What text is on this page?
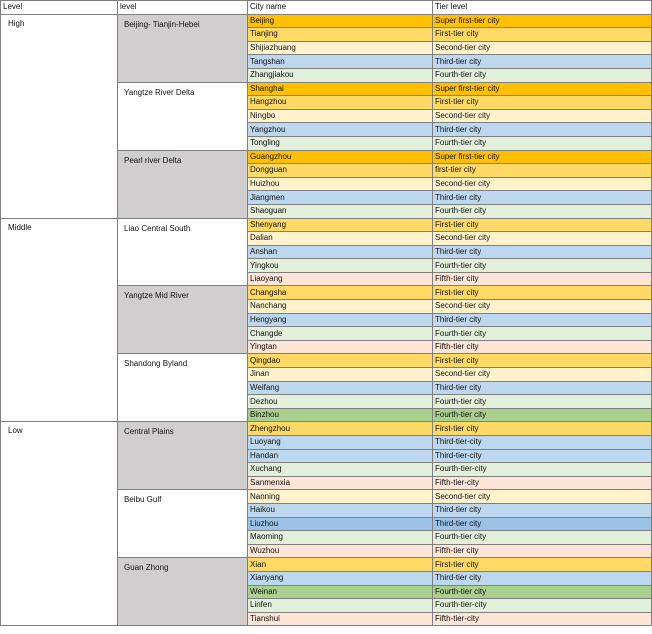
Level	level	City name	Tier level
High	Beijing- Tianjin-Hebei	Beijing	Super first-tier city
		Tianjing	First-tier city
		Shijiazhuang	Second-tier city
		Tangshan	Third-tier city
		Zhangjiakou	Fourth-tier city
	Yangtze River Delta	Shanghai	Super first-tier city
		Hangzhou	First-tier city
		Ningbo	Second-tier city
		Yangzhou	Third-tier city
		Tongling	Fourth-tier city
	Pearl river Delta	Guangzhou	Super first-tier city
		Dongguan	first-tier city
		Huizhou	Second-tier city
		Jiangmen	Third-tier city
		Shaoguan	Fourth-tier city
Middle	Liao Central South	Shenyang	First-tier city
		Dalian	Second-tier city
		Anshan	Third-tier city
		Yingkou	Fourth-tier city
		Liaoyang	Fifth-tier city
	Yangtze Mid River	Changsha	First-tier city
		Nanchang	Second-tier city
		Hengyang	Third-tier city
		Changde	Fourth-tier city
		Yingtan	Fifth-tier city
	Shandong Byland	Qingdao	First-tier city
		Jinan	Second-tier city
		Weifang	Third-tier city
		Dezhou	Fourth-tier city
		Binzhou	Fourth-tier city
Low	Central Plains	Zhengzhou	First-tier city
		Luoyang	Third-tier-city
		Handan	Third-tier-city
		Xuchang	Fourth-tier-city
		Sanmenxia	Fifth-tier-city
	Beibu Gulf	Nanning	Second-tier city
		Haikou	Third-tier city
		Liuzhou	Third-tier city
		Maoming	Fourth-tier city
		Wuzhou	Fifth-tier city
	Guan Zhong	Xian	First-tier city
		Xianyang	Third-tier city
		Weinan	Fourth-tier city
		Linfen	Fourth-tier-city
		Tianshui	Fifth-tier-city
